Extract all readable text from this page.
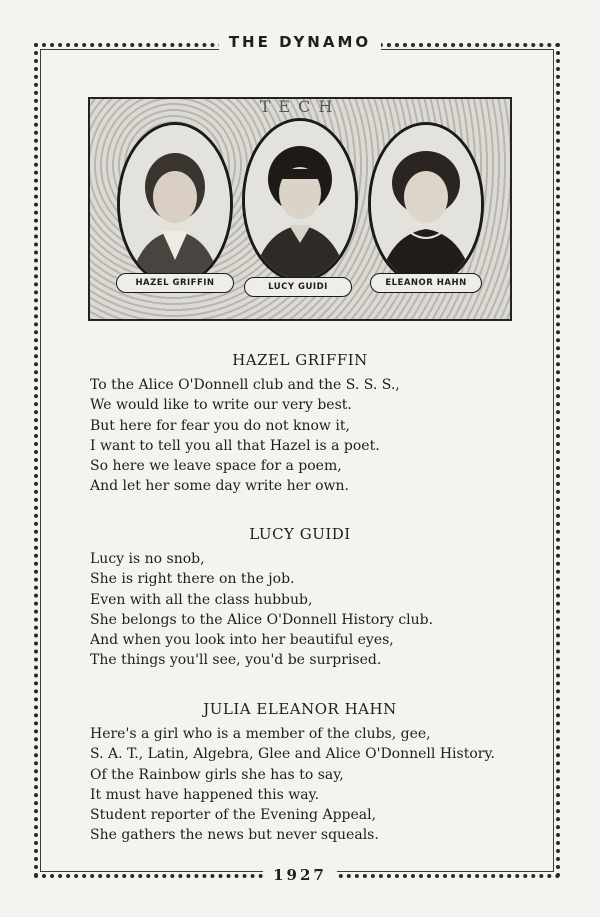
THE DYNAMO
TECH
HAZEL GRIFFIN	LUCY GUIDI	ELEANOR HAHN
HAZEL GRIFFIN
To the Alice O'Donnell club and the S. S. S.,
We would like to write our very best.
But here for fear you do not know it,
I want to tell you all that Hazel is a poet.
So here we leave space for a poem,
And let her some day write her own.
LUCY GUIDI
Lucy is no snob,
She is right there on the job.
Even with all the class hubbub,
She belongs to the Alice O'Donnell History club.
And when you look into her beautiful eyes,
The things you'll see, you'd be surprised.
JULIA ELEANOR HAHN
Here's a girl who is a member of the clubs, gee,
S. A. T., Latin, Algebra, Glee and Alice O'Donnell History.
Of the Rainbow girls she has to say,
It must have happened this way.
Student reporter of the Evening Appeal,
She gathers the news but never squeals.
1927
